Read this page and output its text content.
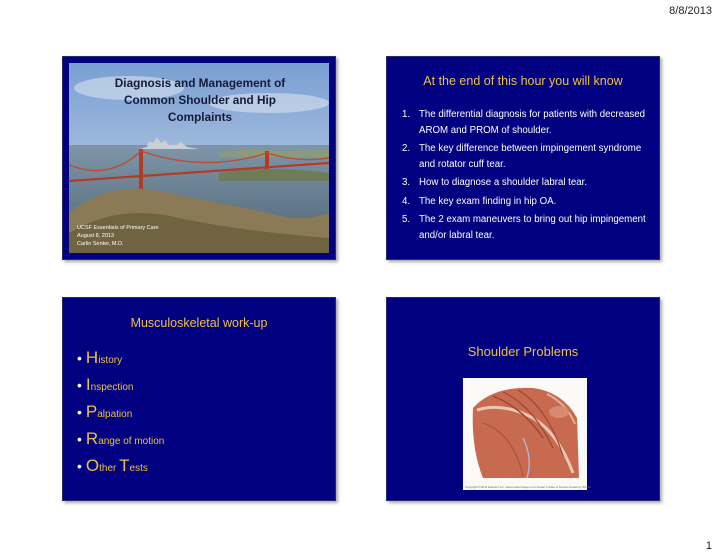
8/8/2013
Diagnosis and Management of
Common Shoulder and Hip
Complaints
UCSF Essentials of Primary Care
August 8, 2013
Carlin Senter, M.D.
At the end of this hour you will know
1. The differential diagnosis for patients with decreased AROM and PROM of shoulder.
2. The key difference between impingement syndrome and rotator cuff tear.
3. How to diagnose a shoulder labral tear.
4. The key exam finding in hip OA.
5. The 2 exam maneuvers to bring out hip impingement and/or labral tear.
Musculoskeletal work-up
• History
• Inspection
• Palpation
• Range of motion
• Other Tests
Shoulder Problems
Copyright ©2011 Elsevier Inc. www.netterimages.com Netter's Atlas of Human Anatomy, 5th Ed.
1
